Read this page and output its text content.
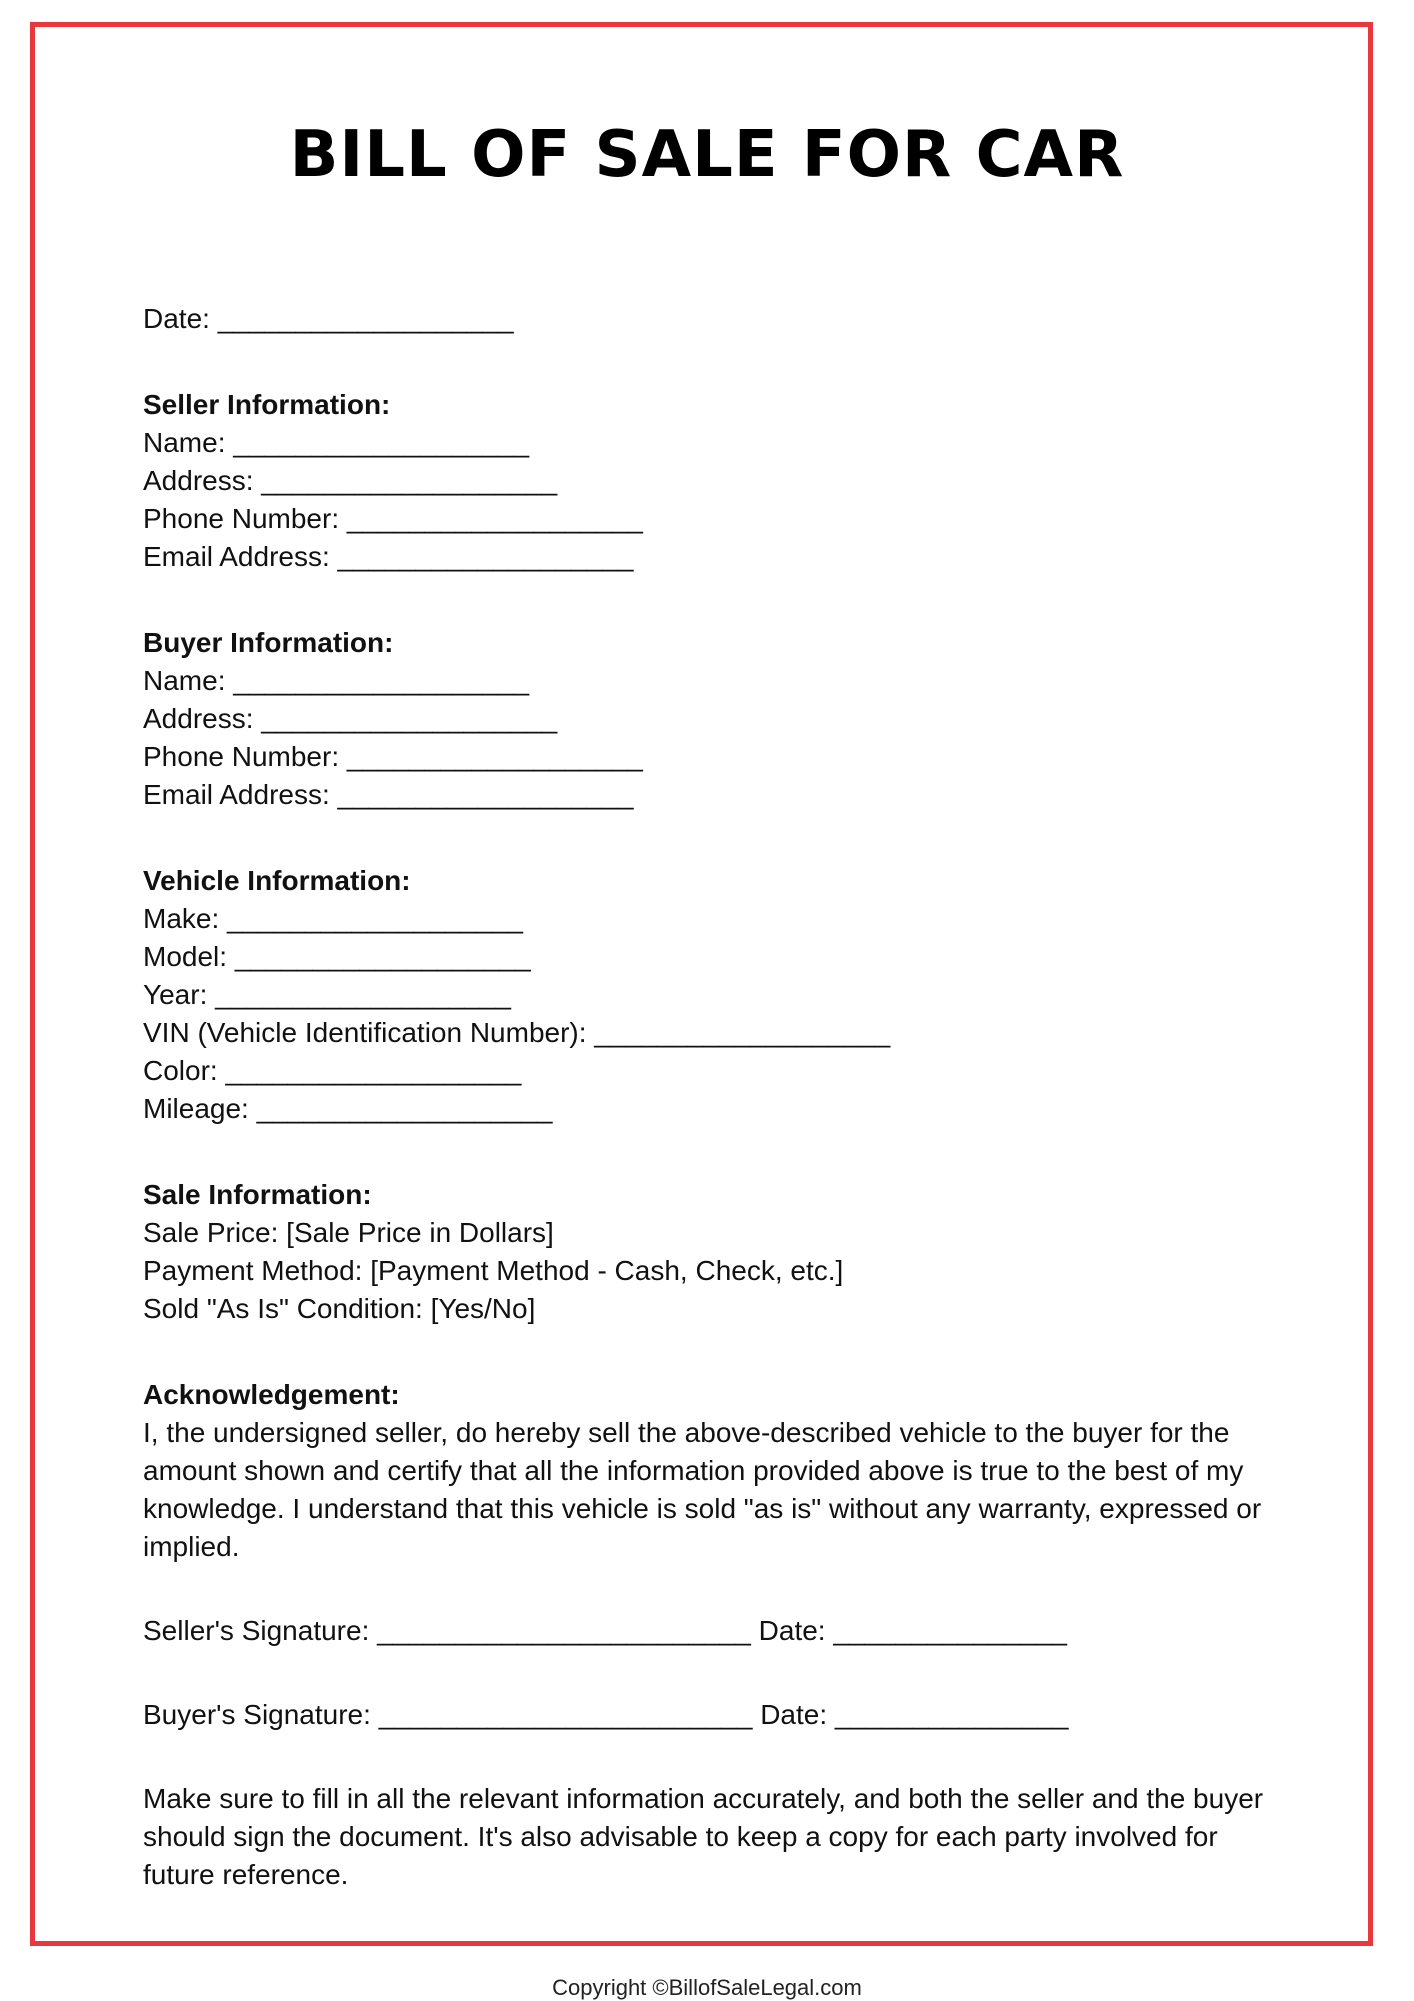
BILL OF SALE FOR CAR

Date: ___________________

Seller Information:

Name: ___________________

Address: ___________________

Phone Number: ___________________

Email Address: ___________________

Buyer Information:

Name: ___________________

Address: ___________________

Phone Number: ___________________

Email Address: ___________________

Vehicle Information:

Make: ___________________

Model: ___________________

Year: ___________________

VIN (Vehicle Identification Number): ___________________

Color: ___________________

Mileage: ___________________

Sale Information:

Sale Price: [Sale Price in Dollars]

Payment Method: [Payment Method - Cash, Check, etc.]

Sold "As Is" Condition: [Yes/No]

Acknowledgement:

I, the undersigned seller, do hereby sell the above-described vehicle to the buyer for the amount shown and certify that all the information provided above is true to the best of my knowledge. I understand that this vehicle is sold "as is" without any warranty, expressed or implied.

Seller's Signature: ________________________ Date: _______________

Buyer's Signature: ________________________ Date: _______________

Make sure to fill in all the relevant information accurately, and both the seller and the buyer should sign the document. It's also advisable to keep a copy for each party involved for future reference.

Copyright ©BillofSaleLegal.com
